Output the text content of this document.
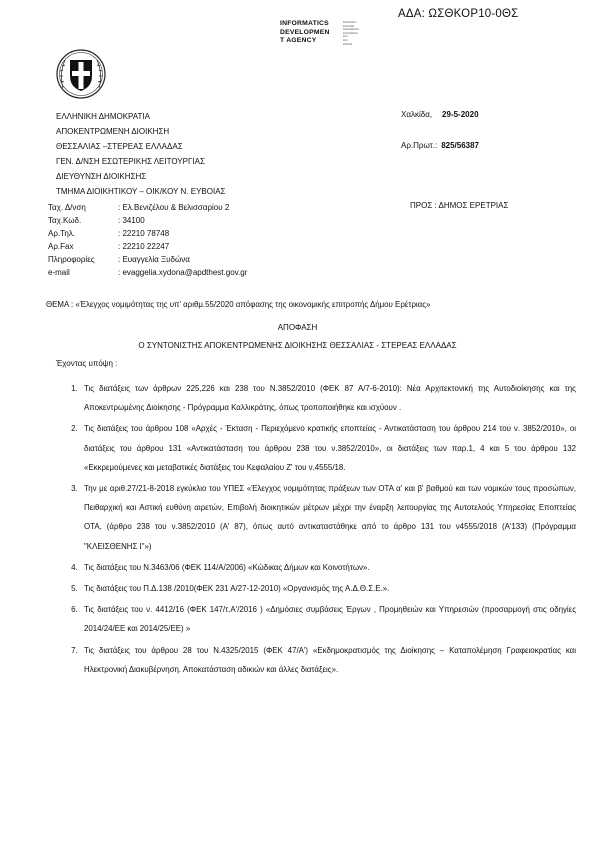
ΑΔΑ: ΩΣΘΚΟΡ10-0ΘΣ
INFORMATICS
DEVELOPMEN
T AGENCY
▪▪▪▪▪▪▪▪▪▪▪▪
▪▪▪▪▪▪▪▪▪▪
▪▪▪▪▪▪▪▪▪▪▪▪▪▪
▪▪▪▪▪▪▪▪▪▪▪▪▪
▪▪▪▪
▪▪▪▪
▪▪▪▪▪▪▪▪
ΕΛΛΗΝΙΚΗ ΔΗΜΟΚΡΑΤΙΑ
ΑΠΟΚΕΝΤΡΩΜΕΝΗ ΔΙΟΙΚΗΣΗ
ΘΕΣΣΑΛΙΑΣ –ΣΤΕΡΕΑΣ ΕΛΛΑΔΑΣ
ΓΕΝ. Δ/ΝΣΗ ΕΣΩΤΕΡΙΚΗΣ ΛΕΙΤΟΥΡΓΙΑΣ
ΔΙΕΥΘΥΝΣΗ ΔΙΟΙΚΗΣΗΣ
ΤΜΗΜΑ ΔΙΟΙΚΗΤΙΚΟΥ – ΟΙΚ/ΚΟΥ Ν. ΕΥΒΟΙΑΣ
Χαλκίδα, 29-5-2020
Αρ.Πρωτ.: 825/56387
Ταχ. Δ/νση	: Ελ.Βενιζέλου & Βελισσαρίου 2
Ταχ.Κωδ.	: 34100
Αρ.Τηλ.	: 22210 78748
Αρ.Fax	: 22210 22247
Πληροφορίες	: Ευαγγελία Ξυδώνα
e-mail	: evaggelia.xydona@apdthest.gov.gr
ΠΡΟΣ : ΔΗΜΟΣ ΕΡΕΤΡΙΑΣ
ΘΕΜΑ : «Έλεγχος νομιμότητας της υπ' αριθμ.55/2020 απόφασης της οικονομικής επιτροπής Δήμου Ερέτριας»
ΑΠΟΦΑΣΗ
Ο ΣΥΝΤΟΝΙΣΤΗΣ ΑΠΟΚΕΝΤΡΩΜΕΝΗΣ ΔΙΟΙΚΗΣΗΣ ΘΕΣΣΑΛΙΑΣ - ΣΤΕΡΕΑΣ ΕΛΛΑΔΑΣ
Έχοντας υπόψη :
1. Τις διατάξεις των άρθρων 225,226 και 238 του Ν.3852/2010 (ΦΕΚ 87 Α/7-6-2010): Νέα Αρχιτεκτονική της Αυτοδιοίκησης και της Αποκεντρωμένης Διοίκησης - Πρόγραμμα Καλλικράτης, όπως τροποποιήθηκε και ισχύουν .
2. Τις διατάξεις του άρθρου 108 «Αρχές - Έκταση - Περιεχόμενο κρατικής εποπτείας - Αντικατάσταση του άρθρου 214 του ν. 3852/2010», οι διατάξεις του άρθρου 131 «Αντικατάσταση του άρθρου 238 του ν.3852/2010», οι διατάξεις των παρ.1, 4 και 5 του άρθρου 132 «Εκκρεμούμενες και μεταβατικές διατάξεις του Κεφαλαίου Ζ' του ν.4555/18.
3. Την με αριθ.27/21-8-2018 εγκύκλιο του ΥΠΕΣ «Έλεγχος νομιμότητας πράξεων των ΟΤΑ α' και β' βαθμού και των νομικών τους προσώπων, Πειθαρχική και Αστική ευθύνη αιρετών, Επιβολή διοικητικών μέτρων μέχρι την έναρξη λειτουργίας της Αυτοτελούς Υπηρεσίας Εποπτείας ΟΤΑ, (άρθρο 238 του ν.3852/2010 (Α' 87), όπως αυτό αντικαταστάθηκε από το άρθρο 131 του ν4555/2018 (Α'133) (Πρόγραμμα "ΚΛΕΙΣΘΕΝΗΣ Ι"»)
4. Τις διατάξεις του Ν.3463/06 (ΦΕΚ 114/Α/2006) «Κώδικας Δήμων και Κοινοτήτων».
5. Τις διατάξεις του Π.Δ.138 /2010(ΦΕΚ 231 Α/27-12-2010) «Οργανισμός της Α.Δ.Θ.Σ.Ε.».
6. Τις διατάξεις του ν. 4412/16 (ΦΕΚ 147/τ.Α'/2016 ) «Δημόσιες συμβάσεις Έργων , Προμηθειών και Υπηρεσιών (προσαρμογή στις οδηγίες 2014/24/ΕΕ και 2014/25/ΕΕ) »
7. Τις διατάξεις του άρθρου 28 του Ν.4325/2015 (ΦΕΚ 47/Α') «Εκδημοκρατισμός της Διοίκησης – Καταπολέμηση Γραφειοκρατίας και Ηλεκτρονική Διακυβέρνηση. Αποκατάσταση αδικιών και άλλες διατάξεις».
